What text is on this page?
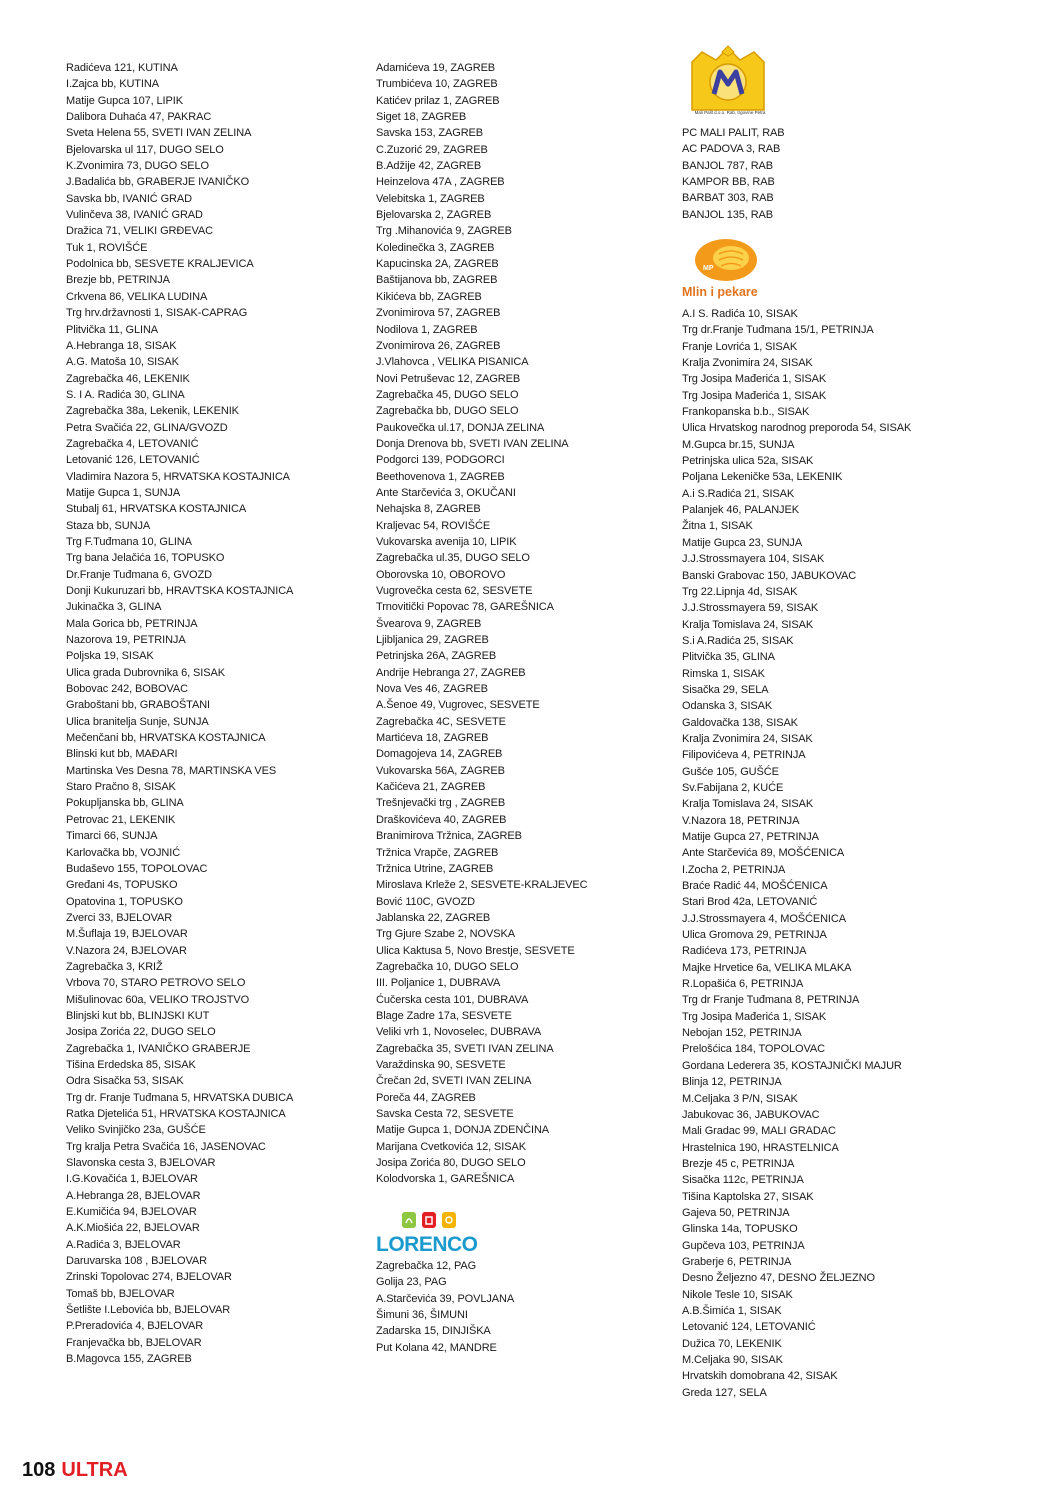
Radićeva 121, KUTINA
I.Zajca bb, KUTINA
Matije Gupca 107, LIPIK
Dalibora Duhaća 47, PAKRAC
Sveta Helena 55, SVETI IVAN ZELINA
Bjelovarska ul 117, DUGO SELO
K.Zvonimira 73, DUGO SELO
J.Badalića bb, GRABERJE IVANIČKO
Savska bb, IVANIĆ GRAD
Vulinčeva 38, IVANIĆ GRAD
Dražica 71, VELIKI GRĐEVAC
Tuk 1, ROVIŠĆE
Podolnica bb, SESVETE KRALJEVICA
Brezje bb, PETRINJA
Crkvena 86, VELIKA LUDINA
Trg hrv.državnosti 1, SISAK-CAPRAG
Plitvička 11, GLINA
A.Hebranga 18, SISAK
A.G. Matoša 10, SISAK
Zagrebačka 46, LEKENIK
S. I A. Radića 30, GLINA
Zagrebačka 38a, Lekenik, LEKENIK
Petra Svačića 22, GLINA/GVOZD
Zagrebačka 4, LETOVANIĆ
Letovanić 126, LETOVANIĆ
Vladimira Nazora 5, HRVATSKA KOSTAJNICA
Matije Gupca 1, SUNJA
Stubalj 61, HRVATSKA KOSTAJNICA
Staza bb, SUNJA
Trg F.Tuđmana 10, GLINA
Trg bana Jelačića 16, TOPUSKO
Dr.Franje Tuđmana 6, GVOZD
Donji Kukuruzari bb, HRAVTSKA KOSTAJNICA
Jukinačka 3, GLINA
Mala Gorica bb, PETRINJA
Nazorova 19, PETRINJA
Poljska 19, SISAK
Ulica grada Dubrovnika 6, SISAK
Bobovac 242, BOBOVAC
Graboštani bb, GRABOŠTANI
Ulica branitelja Sunje, SUNJA
Mečenčani bb, HRVATSKA KOSTAJNICA
Blinski kut bb, MAĐARI
Martinska Ves Desna 78, MARTINSKA VES
Staro Pračno 8, SISAK
Pokupljanska bb, GLINA
Petrovac 21, LEKENIK
Timarci 66, SUNJA
Karlovačka bb, VOJNIĆ
Budaševo 155, TOPOLOVAC
Gređani 4s, TOPUSKO
Opatovina 1, TOPUSKO
Zverci 33, BJELOVAR
M.Šuflaja 19, BJELOVAR
V.Nazora 24, BJELOVAR
Zagrebačka 3, KRIŽ
Vrbova 70, STARO PETROVO SELO
Mišulinovac 60a, VELIKO TROJSTVO
Blinjski kut bb, BLINJSKI KUT
Josipa Zorića 22, DUGO SELO
Zagrebačka 1, IVANIČKO GRABERJE
Tišina Erdedska 85, SISAK
Odra Sisačka 53, SISAK
Trg dr. Franje Tuđmana 5, HRVATSKA DUBICA
Ratka Djetelića 51, HRVATSKA KOSTAJNICA
Veliko Svinjičko 23a, GUŠĆE
Trg kralja Petra Svačića 16, JASENOVAC
Slavonska cesta 3, BJELOVAR
I.G.Kovačića 1, BJELOVAR
A.Hebranga 28, BJELOVAR
E.Kumičića 94, BJELOVAR
A.K.Miošića 22, BJELOVAR
A.Radića 3, BJELOVAR
Daruvarska 108 , BJELOVAR
Zrinski Topolovac 274, BJELOVAR
Tomaš bb, BJELOVAR
Šetlište I.Lebovića bb, BJELOVAR
P.Preradovića 4, BJELOVAR
Franjevačka bb, BJELOVAR
B.Magovca 155, ZAGREB
Adamićeva 19, ZAGREB
Trumbićeva 10, ZAGREB
Katićev prilaz 1, ZAGREB
Siget 18, ZAGREB
Savska 153, ZAGREB
C.Zuzorić 29, ZAGREB
B.Adžije 42, ZAGREB
Heinzelova 47A , ZAGREB
Velebitska 1, ZAGREB
Bjelovarska 2, ZAGREB
Trg .Mihanovića 9, ZAGREB
Koledinečka 3, ZAGREB
Kapucinska 2A, ZAGREB
Baštijanova bb, ZAGREB
Kikićeva bb, ZAGREB
Zvonimirova 57, ZAGREB
Nodilova 1, ZAGREB
Zvonimirova 26, ZAGREB
J.Vlahovca , VELIKA PISANICA
Novi Petruševac 12, ZAGREB
Zagrebačka 45, DUGO SELO
Zagrebačka bb, DUGO SELO
Paukovečka ul.17, DONJA ZELINA
Donja Drenova bb, SVETI IVAN ZELINA
Podgorci 139, PODGORCI
Beethovenova 1, ZAGREB
Ante Starčevića 3, OKUČANI
Nehajska 8, ZAGREB
Kraljevac 54, ROVIŠĆE
Vukovarska avenija 10, LIPIK
Zagrebačka ul.35, DUGO SELO
Oborovska 10, OBOROVO
Vugrovečka cesta 62, SESVETE
Trnovitički Popovac 78, GAREŠNICA
Švearova 9, ZAGREB
Ljibljanica 29, ZAGREB
Petrinjska 26A, ZAGREB
Andrije Hebranga 27, ZAGREB
Nova Ves 46, ZAGREB
A.Šenoe 49, Vugrovec, SESVETE
Zagrebačka 4C, SESVETE
Martićeva 18, ZAGREB
Domagojeva 14, ZAGREB
Vukovarska 56A, ZAGREB
Kačićeva 21, ZAGREB
Trešnjevački trg , ZAGREB
Draškovićeva 40, ZAGREB
Branimirova Tržnica, ZAGREB
Tržnica Vrapče, ZAGREB
Tržnica Utrine, ZAGREB
Miroslava Krleže 2, SESVETE-KRALJEVEC
Bović 110C, GVOZD
Jablanska 22, ZAGREB
Trg Gjure Szabe 2, NOVSKA
Ulica Kaktusa 5, Novo Brestje, SESVETE
Zagrebačka 10, DUGO SELO
III. Poljanice 1, DUBRAVA
Ćučerska cesta 101, DUBRAVA
Blage Zadre 17a, SESVETE
Veliki vrh 1, Novoselec, DUBRAVA
Zagrebačka 35, SVETI IVAN ZELINA
Varaždinska 90, SESVETE
Črečan 2d, SVETI IVAN ZELINA
Poreča 44, ZAGREB
Savska Cesta 72, SESVETE
Matije Gupca 1, DONJA ZDENČINA
Marijana Cvetkovića 12, SISAK
Josipa Zorića 80, DUGO SELO
Kolodvorska 1, GAREŠNICA
LORENCO
Zagrebačka 12, PAG
Golija 23, PAG
A.Starčevića 39, POVLJANA
Šimuni 36, ŠIMUNI
Zadarska 15, DINJIŠKA
Put Kolana 42, MANDRE
Mali Palit d.o.o. Rab, trgovine Petra
PC MALI PALIT, RAB
AC PADOVA 3, RAB
BANJOL 787, RAB
KAMPOR BB, RAB
BARBAT 303, RAB
BANJOL 135, RAB
MP
Mlin i pekare
A.I S. Radića 10, SISAK
Trg dr.Franje Tuđmana 15/1, PETRINJA
Franje Lovrića 1, SISAK
Kralja Zvonimira 24, SISAK
Trg Josipa Mađerića 1, SISAK
Trg Josipa Mađerića 1, SISAK
Frankopanska b.b., SISAK
Ulica Hrvatskog narodnog preporoda 54, SISAK
M.Gupca br.15, SUNJA
Petrinjska ulica 52a, SISAK
Poljana Lekeničke 53a, LEKENIK
A.i S.Radića 21, SISAK
Palanjek 46, PALANJEK
Žitna 1, SISAK
Matije Gupca 23, SUNJA
J.J.Strossmayera 104, SISAK
Banski Grabovac 150, JABUKOVAC
Trg 22.Lipnja 4d, SISAK
J.J.Strossmayera 59, SISAK
Kralja Tomislava 24, SISAK
S.i A.Radića 25, SISAK
Plitvička 35, GLINA
Rimska 1, SISAK
Sisačka 29, SELA
Odanska 3, SISAK
Galdovačka 138, SISAK
Kralja Zvonimira 24, SISAK
Filipovićeva 4, PETRINJA
Gušće 105, GUŠĆE
Sv.Fabijana 2, KUĆE
Kralja Tomislava 24, SISAK
V.Nazora 18, PETRINJA
Matije Gupca 27, PETRINJA
Ante Starčevića 89, MOŠĆENICA
I.Zocha 2, PETRINJA
Braće Radić 44, MOŠĆENICA
Stari Brod 42a, LETOVANIĆ
J.J.Strossmayera 4, MOŠĆENICA
Ulica Gromova 29, PETRINJA
Radićeva 173, PETRINJA
Majke Hrvetice 6a, VELIKA MLAKA
R.Lopašića 6, PETRINJA
Trg dr Franje Tuđmana 8, PETRINJA
Trg Josipa Mađerića 1, SISAK
Nebojan 152, PETRINJA
Prelošćica 184, TOPOLOVAC
Gordana Lederera 35, KOSTAJNIČKI MAJUR
Blinja 12, PETRINJA
M.Celjaka 3 P/N, SISAK
Jabukovac 36, JABUKOVAC
Mali Gradac 99, MALI GRADAC
Hrastelnica 190, HRASTELNICA
Brezje 45 c, PETRINJA
Sisačka 112c, PETRINJA
Tišina Kaptolska 27, SISAK
Gajeva 50, PETRINJA
Glinska 14a, TOPUSKO
Gupčeva 103, PETRINJA
Graberje 6, PETRINJA
Desno Željezno 47, DESNO ŽELJEZNO
Nikole Tesle 10, SISAK
A.B.Šimića 1, SISAK
Letovanić 124, LETOVANIĆ
Dužica 70, LEKENIK
M.Celjaka 90, SISAK
Hrvatskih domobrana 42, SISAK
Greda 127, SELA
108 ULTRA
